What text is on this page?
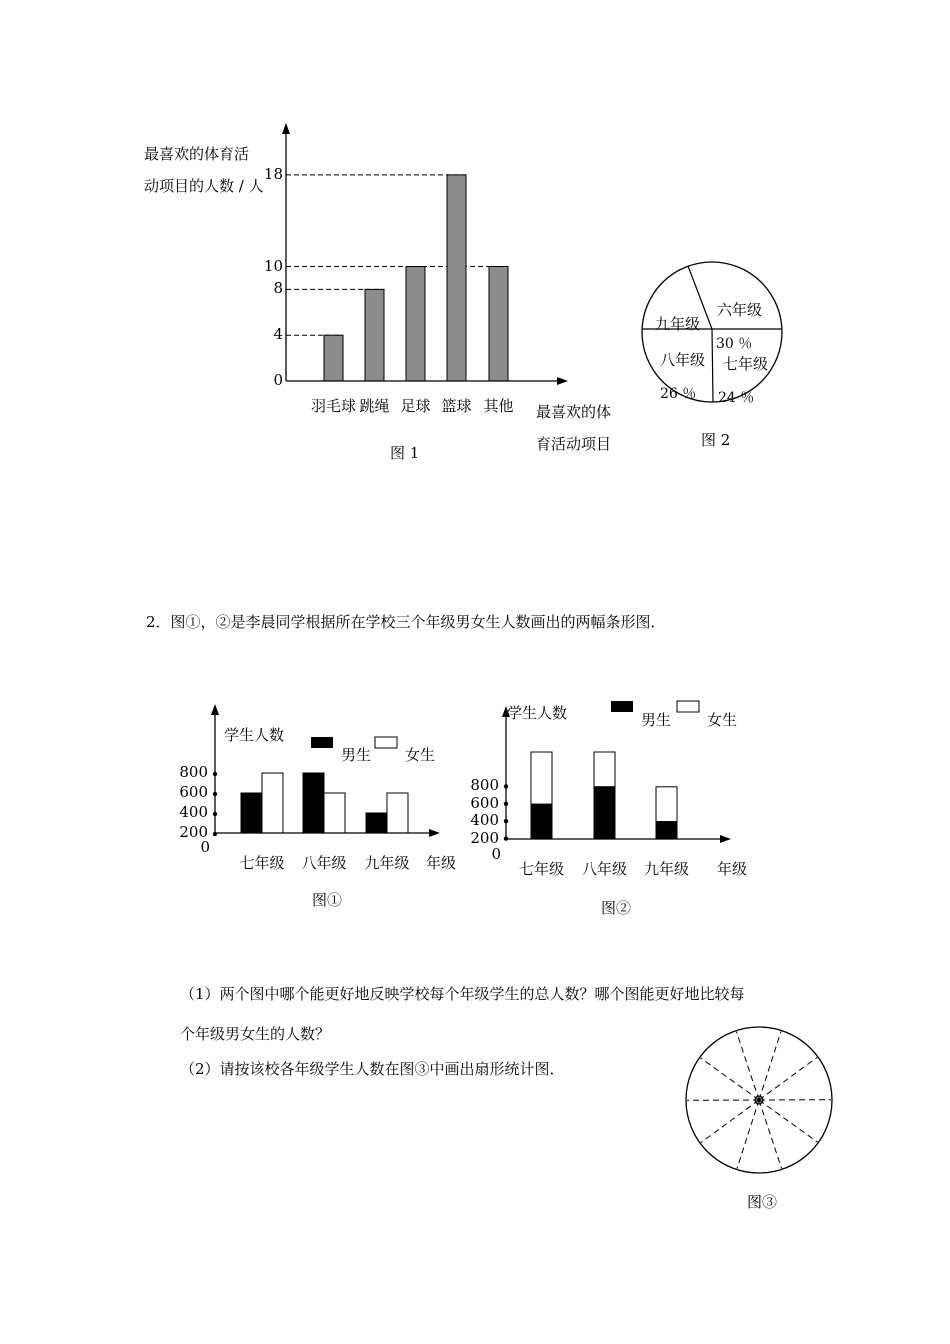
最喜欢的体育活
动项目的人数 / 人
0
4
8
10
18
羽毛球 跳绳 足球 篮球 其他 最喜欢的体
育活动项目
图 1
六年级
九年级
八年级 七年级
30 ％
26 ％ 24 ％
图 2
2．图①，②是李晨同学根据所在学校三个年级男女生人数画出的两幅条形图．
学生人数
男生 女生
0
200
400
600
800
七年级 八年级 九年级 年级
图①
学生人数	男生 女生
0
200
400
600
800
七年级 八年级 九年级 年级
图②
（1）两个图中哪个能更好地反映学校每个年级学生的总人数？哪个图能更好地比较每
个年级男女生的人数？
（2）请按该校各年级学生人数在图③中画出扇形统计图．
图③
